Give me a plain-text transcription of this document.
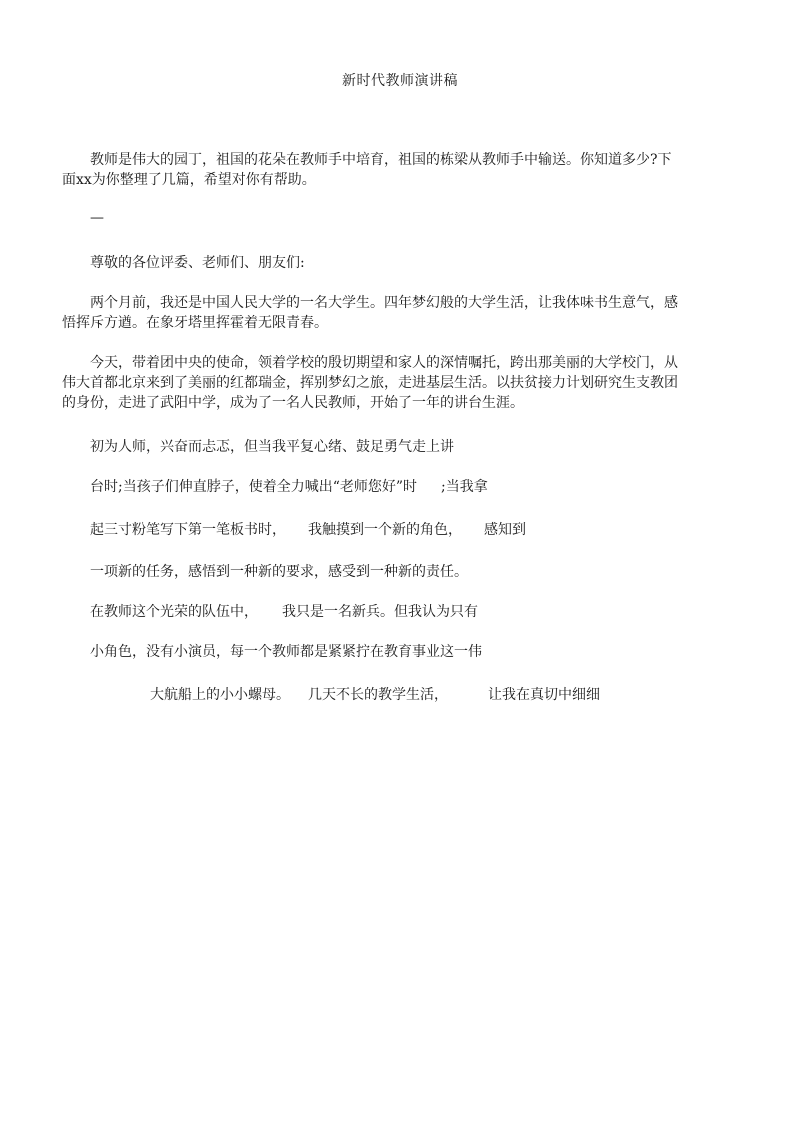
新时代教师演讲稿
教师是伟大的园丁，祖国的花朵在教师手中培育，祖国的栋梁从教师手中输送。你知道多少?下面xx为你整理了几篇，希望对你有帮助。
—
尊敬的各位评委、老师们、朋友们:
两个月前，我还是中国人民大学的一名大学生。四年梦幻般的大学生活，让我体味书生意气，感悟挥斥方遒。在象牙塔里挥霍着无限青春。
今天，带着团中央的使命，领着学校的殷切期望和家人的深情嘱托，跨出那美丽的大学校门，从伟大首都北京来到了美丽的红都瑞金，挥别梦幻之旅，走进基层生活。以扶贫接力计划研究生支教团的身份，走进了武阳中学，成为了一名人民教师，开始了一年的讲台生涯。
初为人师，兴奋而忐忑，但当我平复心绪、鼓足勇气走上讲
台时;当孩子们伸直脖子，使着全力喊出“老师您好”时 ;当我拿
起三寸粉笔写下第一笔板书时， 我触摸到一个新的角色， 感知到
一项新的任务，感悟到一种新的要求，感受到一种新的责任。
在教师这个光荣的队伍中， 我只是一名新兵。但我认为只有
小角色，没有小演员，每一个教师都是紧紧拧在教育事业这一伟
大航船上的小小螺母。 几天不长的教学生活，	让我在真切中细细
